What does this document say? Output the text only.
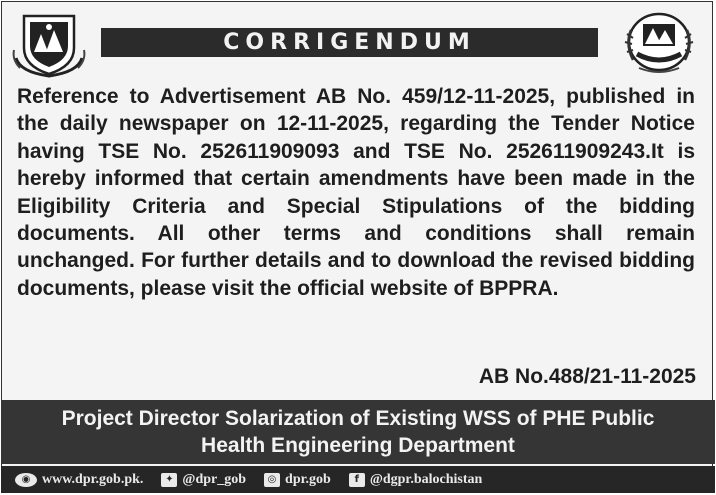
CORRIGENDUM
Reference to Advertisement AB No. 459/12-11-2025, published in the daily newspaper on 12-11-2025, regarding the Tender Notice having TSE No. 252611909093 and TSE No. 252611909243.It is hereby informed that certain amendments have been made in the Eligibility Criteria and Special Stipulations of the bidding documents. All other terms and conditions shall remain unchanged. For further details and to download the revised bidding documents, please visit the official website of BPPRA.
AB No.488/21-11-2025
Project Director Solarization of Existing WSS of PHE Public
Health Engineering Department
◉ www.dpr.gob.pk.	✦ @dpr_gob	◎ dpr.gob	f @dgpr.balochistan
